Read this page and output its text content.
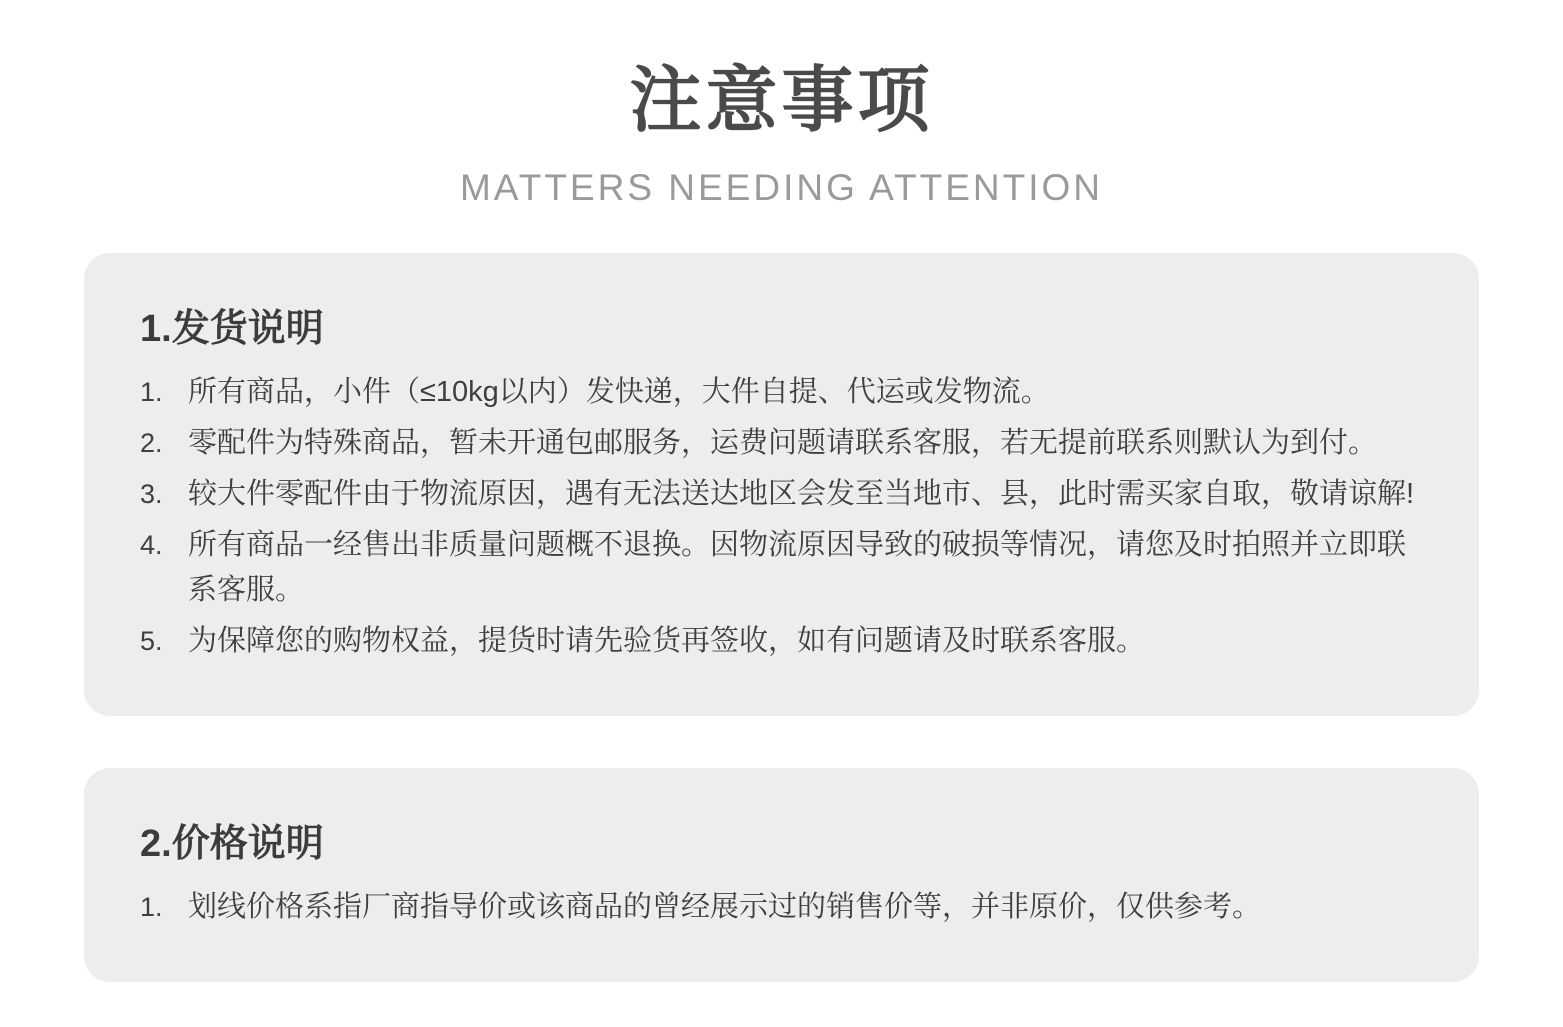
注意事项
MATTERS NEEDING ATTENTION
1.发货说明
1. 所有商品，小件（≤10kg以内）发快递，大件自提、代运或发物流。
2. 零配件为特殊商品，暂未开通包邮服务，运费问题请联系客服，若无提前联系则默认为到付。
3. 较大件零配件由于物流原因，遇有无法送达地区会发至当地市、县，此时需买家自取，敬请谅解!
4. 所有商品一经售出非质量问题概不退换。因物流原因导致的破损等情况，请您及时拍照并立即联系客服。
5. 为保障您的购物权益，提货时请先验货再签收，如有问题请及时联系客服。
2.价格说明
1. 划线价格系指厂商指导价或该商品的曾经展示过的销售价等，并非原价，仅供参考。
